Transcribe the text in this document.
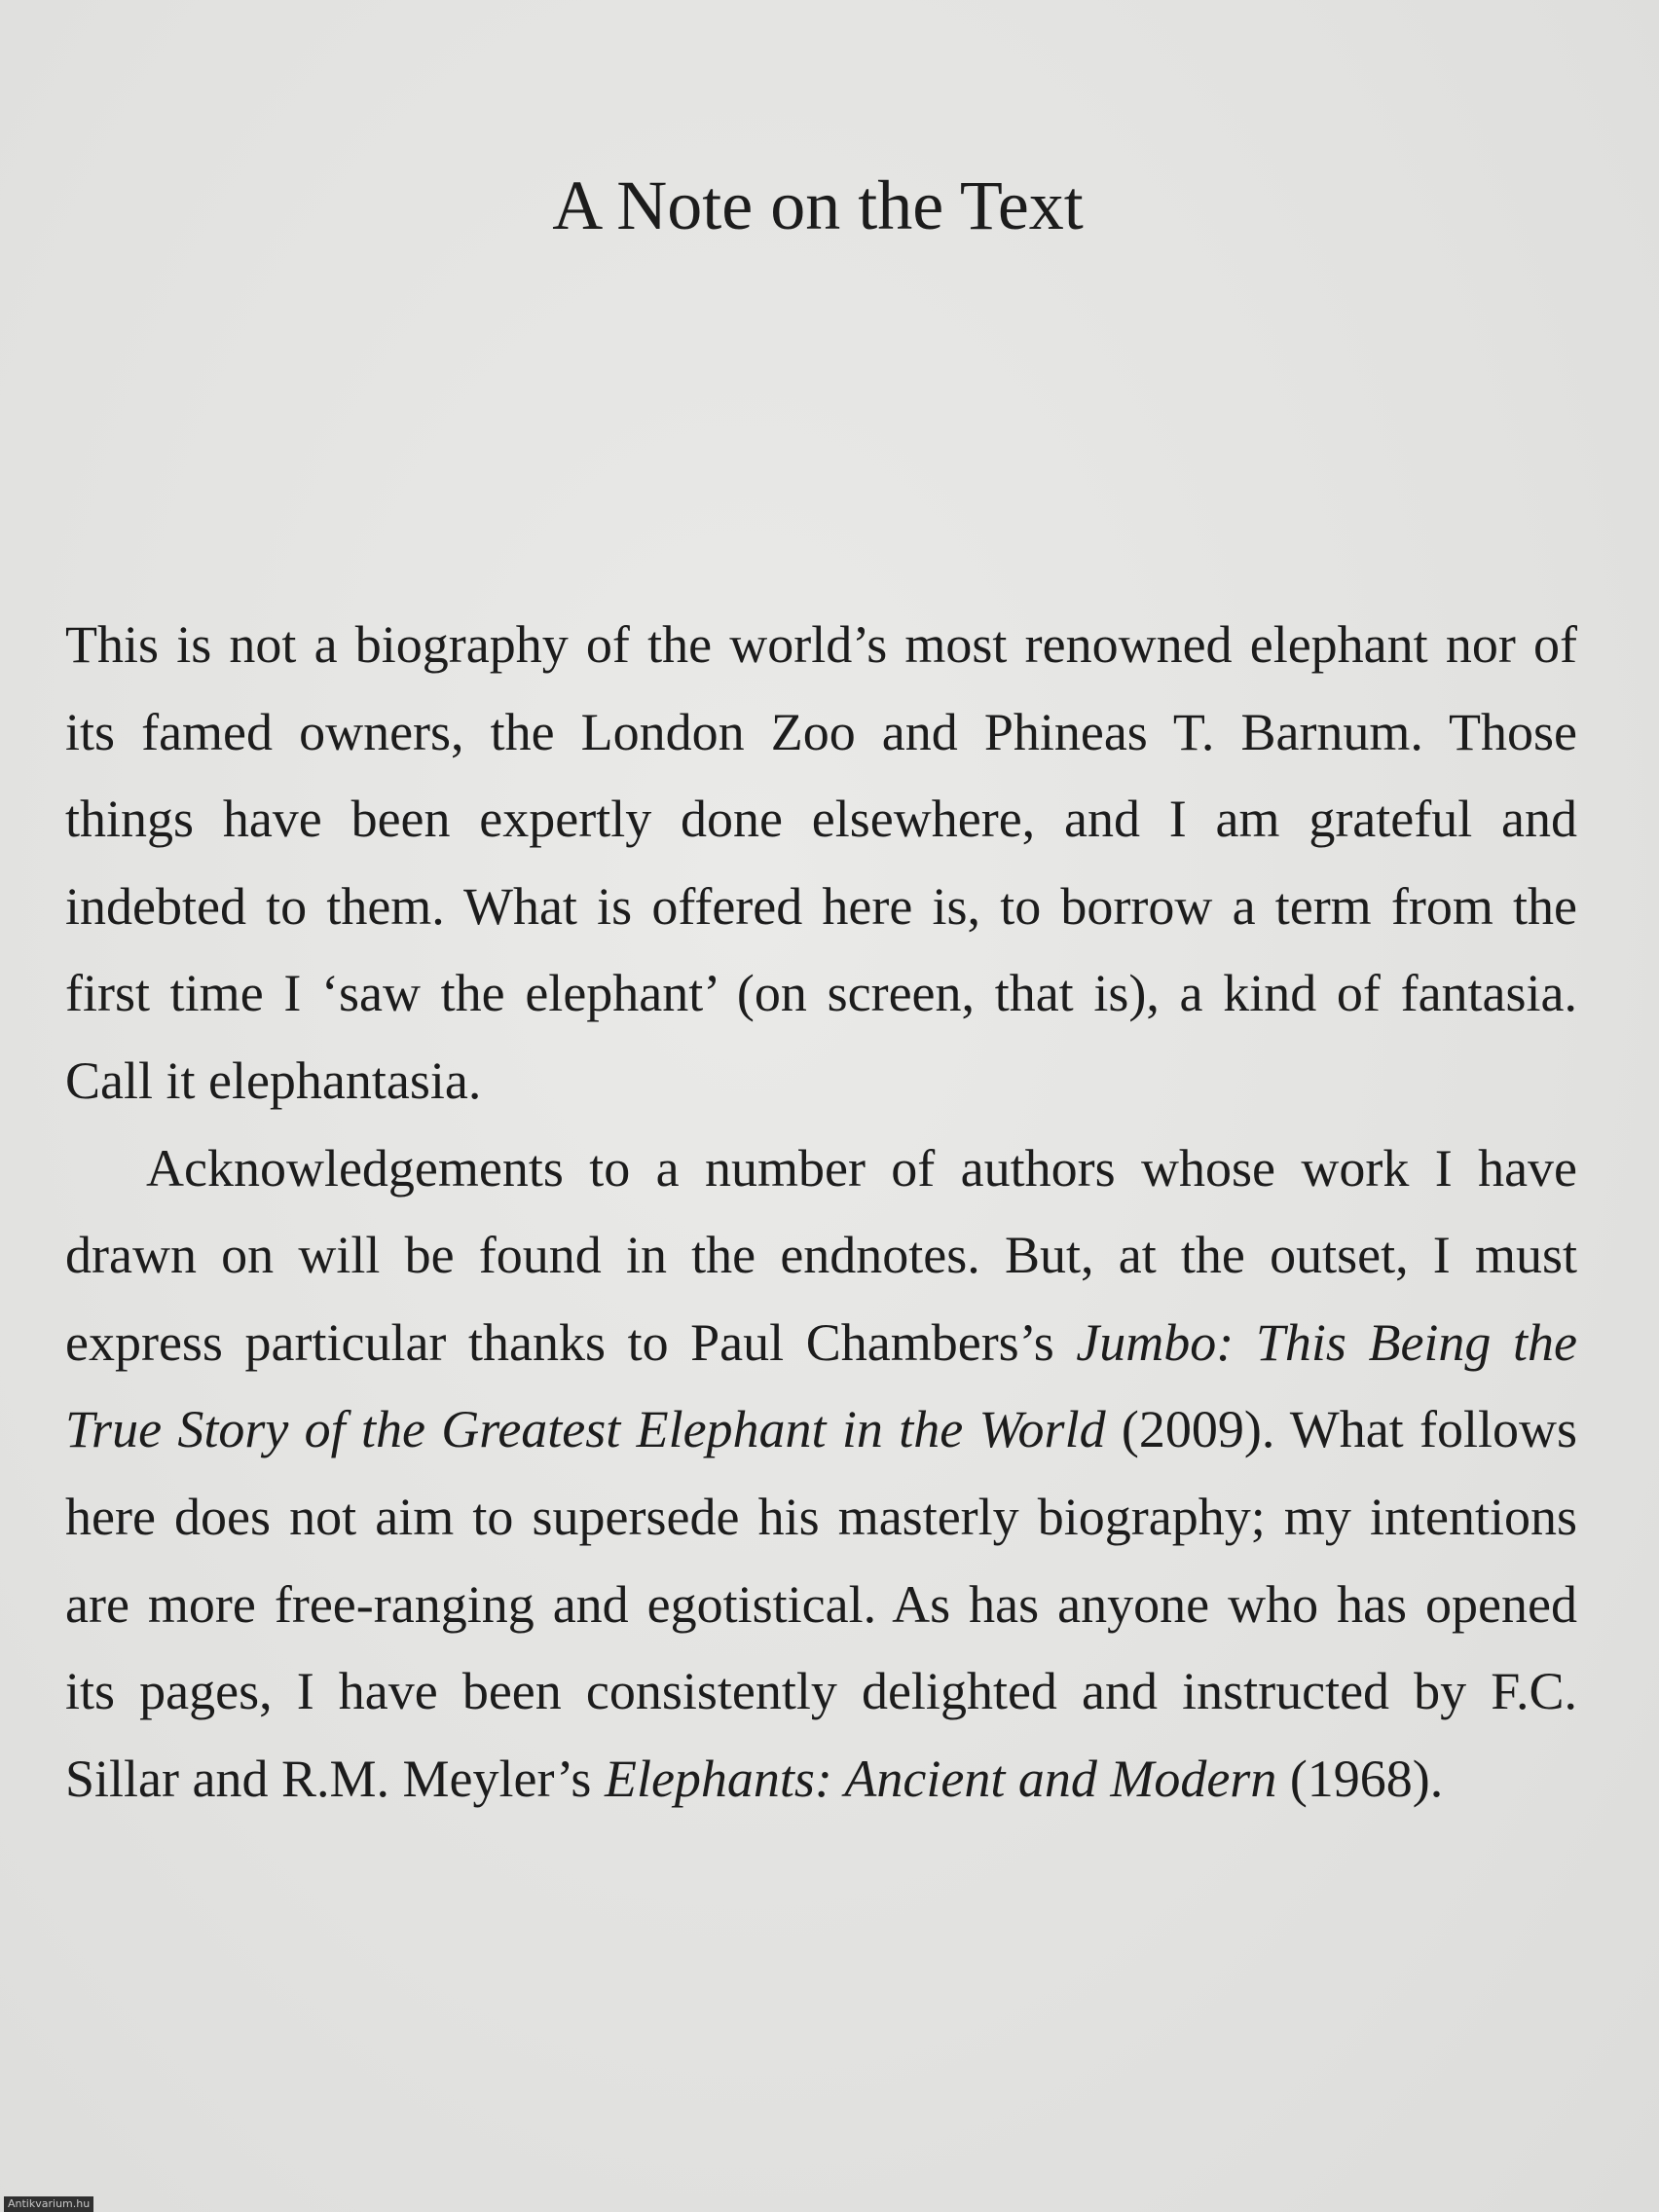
A Note on the Text

This is not a biography of the world’s most renowned elephant nor of its famed owners, the London Zoo and Phineas T. Barnum. Those things have been expertly done elsewhere, and I am grateful and indebted to them. What is offered here is, to borrow a term from the first time I ‘saw the elephant’ (on screen, that is), a kind of fantasia. Call it elephantasia.

Acknowledgements to a number of authors whose work I have drawn on will be found in the endnotes. But, at the outset, I must express particular thanks to Paul Chambers’s Jumbo: This Being the True Story of the Greatest Elephant in the World (2009). What follows here does not aim to supersede his masterly biography; my intentions are more free-ranging and egotistical. As has anyone who has opened its pages, I have been consistently delighted and instructed by F.C. Sillar and R.M. Meyler’s Elephants: Ancient and Modern (1968).

Antikvarium.hu
